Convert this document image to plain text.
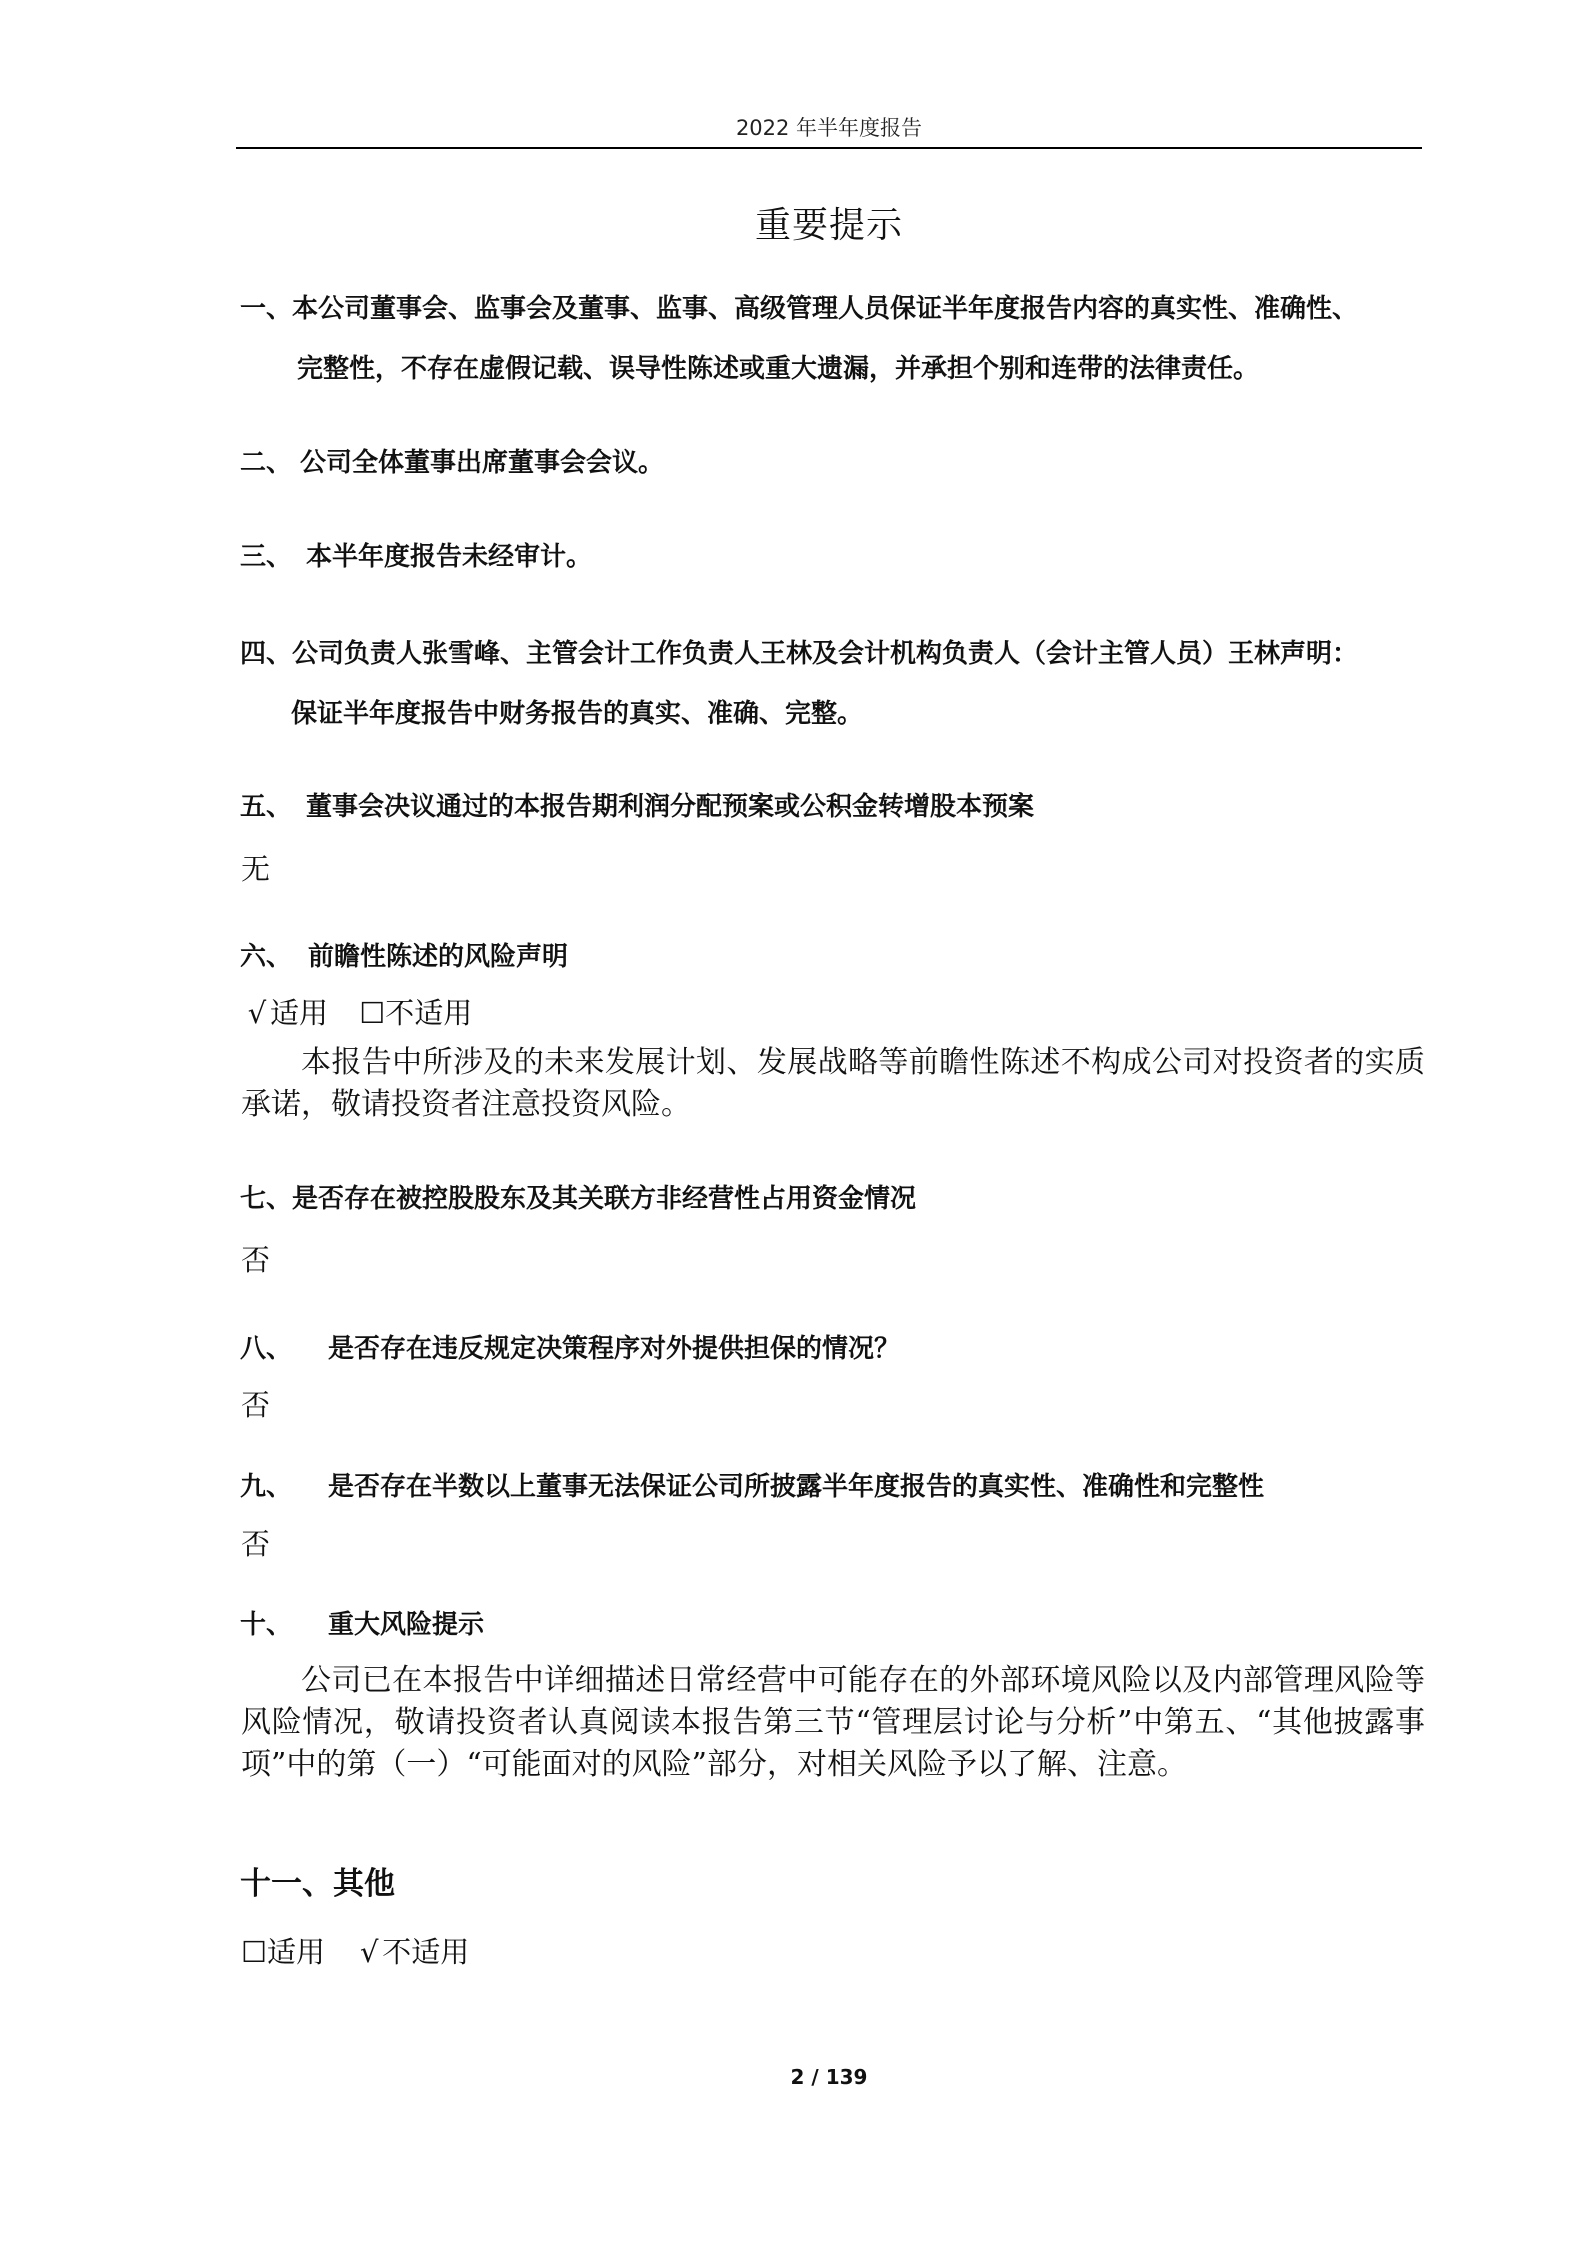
2022 年半年度报告
重要提示
一、 本公司董事会、监事会及董事、监事、高级管理人员保证半年度报告内容的真实性、准确性、
完整性，不存在虚假记载、误导性陈述或重大遗漏，并承担个别和连带的法律责任。
二、 公司全体董事出席董事会会议。
三、 本半年度报告未经审计。
四、 公司负责人张雪峰、主管会计工作负责人王林及会计机构负责人（会计主管人员）王林声明：
保证半年度报告中财务报告的真实、准确、完整。
五、 董事会决议通过的本报告期利润分配预案或公积金转增股本预案
无
六、 前瞻性陈述的风险声明
√ 适用 ☐不适用
本报告中所涉及的未来发展计划、发展战略等前瞻性陈述不构成公司对投资者的实质承诺，敬请投资者注意投资风险。
七、 是否存在被控股股东及其关联方非经营性占用资金情况
否
八、	是否存在违反规定决策程序对外提供担保的情况？
否
九、	是否存在半数以上董事无法保证公司所披露半年度报告的真实性、准确性和完整性
否
十、	重大风险提示
公司已在本报告中详细描述日常经营中可能存在的外部环境风险以及内部管理风险等风险情况，敬请投资者认真阅读本报告第三节“管理层讨论与分析”中第五、“其他披露事项”中的第（一）“可能面对的风险”部分，对相关风险予以了解、注意。
十一、其他
☐适用 √ 不适用
2 / 139
